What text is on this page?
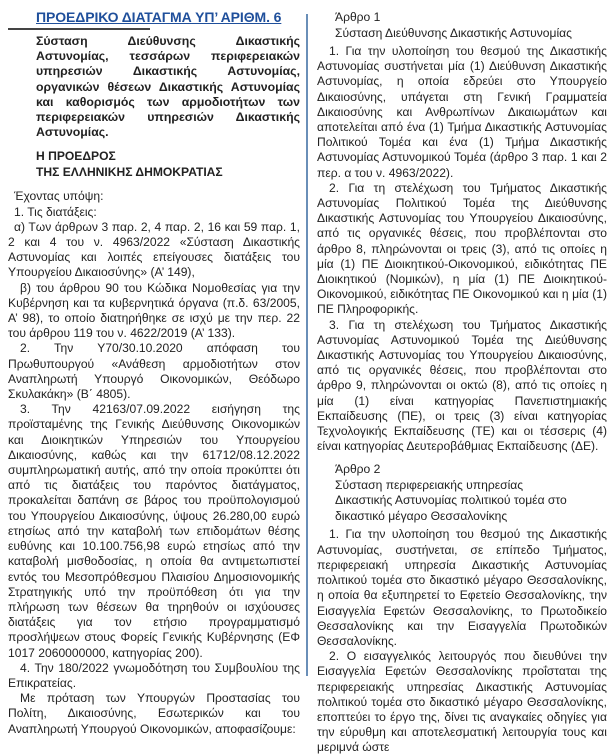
ΠΡΟΕΔΡΙΚΟ ΔΙΑΤΑΓΜΑ ΥΠ’ ΑΡΙΘΜ. 6

Σύσταση Διεύθυνσης Δικαστικής Αστυνομίας, τεσσάρων περιφερειακών υπηρεσιών Δικαστικής Αστυνομίας, οργανικών θέσεων Δικαστικής Αστυνομίας και καθορισμός των αρμοδιοτήτων των περιφερειακών υπηρεσιών Δικαστικής Αστυνομίας.

Η ΠΡΟΕΔΡΟΣ
ΤΗΣ ΕΛΛΗΝΙΚΗΣ ΔΗΜΟΚΡΑΤΙΑΣ

Έχοντας υπόψη:

1. Τις διατάξεις:

α) Των άρθρων 3 παρ. 2, 4 παρ. 2, 16 και 59 παρ. 1, 2 και 4 του ν. 4963/2022 «Σύσταση Δικαστικής Αστυνομίας και λοιπές επείγουσες διατάξεις του Υπουργείου Δικαιοσύνης» (Α’ 149),

β) του άρθρου 90 του Κώδικα Νομοθεσίας για την Κυβέρνηση και τα κυβερνητικά όργανα (π.δ. 63/2005, Α’ 98), το οποίο διατηρήθηκε σε ισχύ με την περ. 22 του άρθρου 119 του ν. 4622/2019 (Α’ 133).

2. Την Υ70/30.10.2020 απόφαση του Πρωθυπουργού «Ανάθεση αρμοδιοτήτων στον Αναπληρωτή Υπουργό Οικονομικών, Θεόδωρο Σκυλακάκη» (Β΄ 4805).

3. Την 42163/07.09.2022 εισήγηση της προϊσταμένης της Γενικής Διεύθυνσης Οικονομικών και Διοικητικών Υπηρεσιών του Υπουργείου Δικαιοσύνης, καθώς και την 61712/08.12.2022 συμπληρωματική αυτής, από την οποία προκύπτει ότι από τις διατάξεις του παρόντος διατάγματος, προκαλείται δαπάνη σε βάρος του προϋπολογισμού του Υπουργείου Δικαιοσύνης, ύψους 26.280,00 ευρώ ετησίως από την καταβολή των επιδομάτων θέσης ευθύνης και 10.100.756,98 ευρώ ετησίως από την καταβολή μισθοδοσίας, η οποία θα αντιμετωπιστεί εντός του Μεσοπρόθεσμου Πλαισίου Δημοσιονομικής Στρατηγικής υπό την προϋπόθεση ότι για την πλήρωση των θέσεων θα τηρηθούν οι ισχύουσες διατάξεις για τον ετήσιο προγραμματισμό προσλήψεων στους Φορείς Γενικής Κυβέρνησης (ΕΦ 1017 2060000000, κατηγορίας 200).

4. Την 180/2022 γνωμοδότηση του Συμβουλίου της Επικρατείας.

Με πρόταση των Υπουργών Προστασίας του Πολίτη, Δικαιοσύνης, Εσωτερικών και του Αναπληρωτή Υπουργού Οικονομικών, αποφασίζουμε:

Άρθρο 1
Σύσταση Διεύθυνσης Δικαστικής Αστυνομίας

1. Για την υλοποίηση του θεσμού της Δικαστικής Αστυνομίας συστήνεται μία (1) Διεύθυνση Δικαστικής Αστυνομίας, η οποία εδρεύει στο Υπουργείο Δικαιοσύνης, υπάγεται στη Γενική Γραμματεία Δικαιοσύνης και Ανθρωπίνων Δικαιωμάτων και αποτελείται από ένα (1) Τμήμα Δικαστικής Αστυνομίας Πολιτικού Τομέα και ένα (1) Τμήμα Δικαστικής Αστυνομίας Αστυνομικού Τομέα (άρθρο 3 παρ. 1 και 2 περ. α του ν. 4963/2022).

2. Για τη στελέχωση του Τμήματος Δικαστικής Αστυνομίας Πολιτικού Τομέα της Διεύθυνσης Δικαστικής Αστυνομίας του Υπουργείου Δικαιοσύνης, από τις οργανικές θέσεις, που προβλέπονται στο άρθρο 8, πληρώνονται οι τρεις (3), από τις οποίες η μία (1) ΠΕ Διοικητικού-Οικονομικού, ειδικότητας ΠΕ Διοικητικού (Νομικών), η μία (1) ΠΕ Διοικητικού-Οικονομικού, ειδικότητας ΠΕ Οικονομικού και η μία (1) ΠΕ Πληροφορικής.

3. Για τη στελέχωση του Τμήματος Δικαστικής Αστυνομίας Αστυνομικού Τομέα της Διεύθυνσης Δικαστικής Αστυνομίας του Υπουργείου Δικαιοσύνης, από τις οργανικές θέσεις, που προβλέπονται στο άρθρο 9, πληρώνονται οι οκτώ (8), από τις οποίες η μία (1) είναι κατηγορίας Πανεπιστημιακής Εκπαίδευσης (ΠΕ), οι τρεις (3) είναι κατηγορίας Τεχνολογικής Εκπαίδευσης (ΤΕ) και οι τέσσερις (4) είναι κατηγορίας Δευτεροβάθμιας Εκπαίδευσης (ΔΕ).

Άρθρο 2
Σύσταση περιφερειακής υπηρεσίας Δικαστικής Αστυνομίας πολιτικού τομέα στο δικαστικό μέγαρο Θεσσαλονίκης

1. Για την υλοποίηση του θεσμού της Δικαστικής Αστυνομίας, συστήνεται, σε επίπεδο Τμήματος, περιφερειακή υπηρεσία Δικαστικής Αστυνομίας πολιτικού τομέα στο δικαστικό μέγαρο Θεσσαλονίκης, η οποία θα εξυπηρετεί το Εφετείο Θεσσαλονίκης, την Εισαγγελία Εφετών Θεσσαλονίκης, το Πρωτοδικείο Θεσσαλονίκης και την Εισαγγελία Πρωτοδικών Θεσσαλονίκης.

2. Ο εισαγγελικός λειτουργός που διευθύνει την Εισαγγελία Εφετών Θεσσαλονίκης προΐσταται της περιφερειακής υπηρεσίας Δικαστικής Αστυνομίας πολιτικού τομέα στο δικαστικό μέγαρο Θεσσαλονίκης, εποπτεύει το έργο της, δίνει τις αναγκαίες οδηγίες για την εύρυθμη και αποτελεσματική λειτουργία τους και μεριμνά ώστε
